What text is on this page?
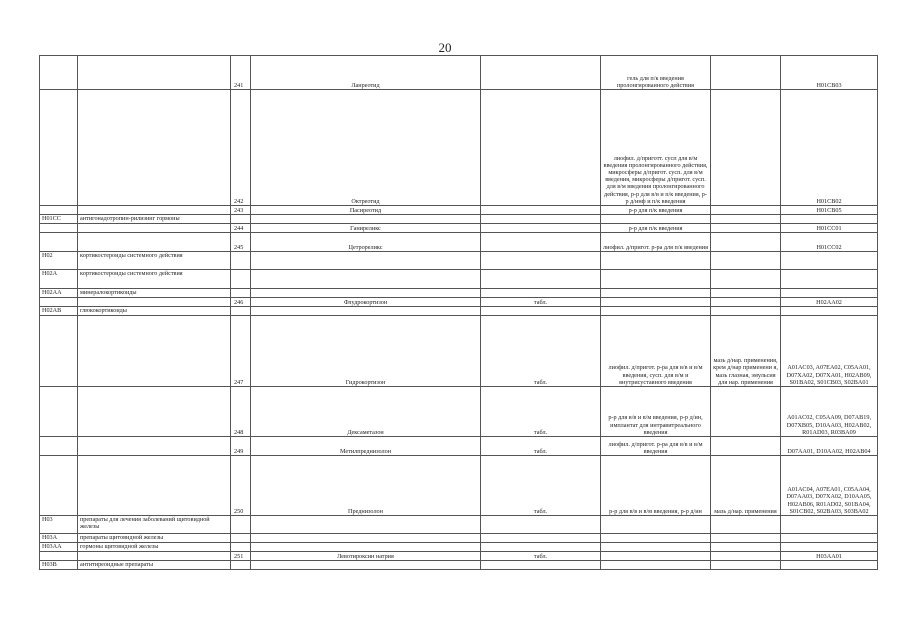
20
		241	Ланреотид		гель для п/к введения пролонгированного действия		H01CB03
		242	Октреотид		лиофил. д/приготт. сусп для в/м введения пролонгированного действия, микросферы д/пригот. сусп. для в/м введения, микросферы д/пригот. сусп. для в/м введения пролонгированного действия, р-р для в/в и п/к введения, р-р д/инф и п/к введения		H01CB02
		243	Пасиреотид		р-р для п/к введения		H01CB05
H01CC	антигонадотропин-рилизинг гормоны						
		244	Ганиреликс		р-р для п/к введения		H01CC01
		245	Цетрореликс		лиофил. д/пригот. р-ра для п/к введения		H01CC02
H02	кортикостероиды системного действия						
H02A	кортикостероиды системного действия						
H02AA	минералокортикоиды						
		246	Флудрокортизон	табл.			H02AA02
H02AB	глюкокортикоиды						
		247	Гидрокортизон	табл.	лиофил. д/пригот. р-ра для в/в и в/м введения, сусп. для в/м и внутрисуставного введения	мазь д/нар. применения, крем д/нар применени я, мазь глазная, эмульсия для нар. применения	A01AC03, A07EA02, C05AA01, D07XA02, D07XA01, H02AB09, S01BA02, S01CB03, S02BA01
		248	Дексаметазон	табл.	р-р для в/в и в/м введения, р-р д/ин, имплантат для интравитреального введения		A01AC02, C05AA09, D07AB19, D07XB05, D10AA03, H02AB02, R01AD03, R03BA09
		249	Метилпреднизолон	табл.	лиофил. д/пригот. р-ра для в/в и в/м введения		D07AA01, D10AA02, H02AB04
		250	Преднизолон	табл.	р-р для в/в и в/м введения, р-р д/ин	мазь д/нар. применения	A01AC04, A07EA01, C05AA04, D07AA03, D07XA02, D10AA05, H02AB06, R01AD02, S01BA04, S01CB02, S02BA03, S03BA02
H03	препараты для лечения заболеваний щитовидной железы						
H03A	препараты щитовидной железы						
H03AA	гормоны щитовидной железы						
		251	Левотироксин натрия	табл.			H03AA01
H03B	антитиреоидные препараты						
